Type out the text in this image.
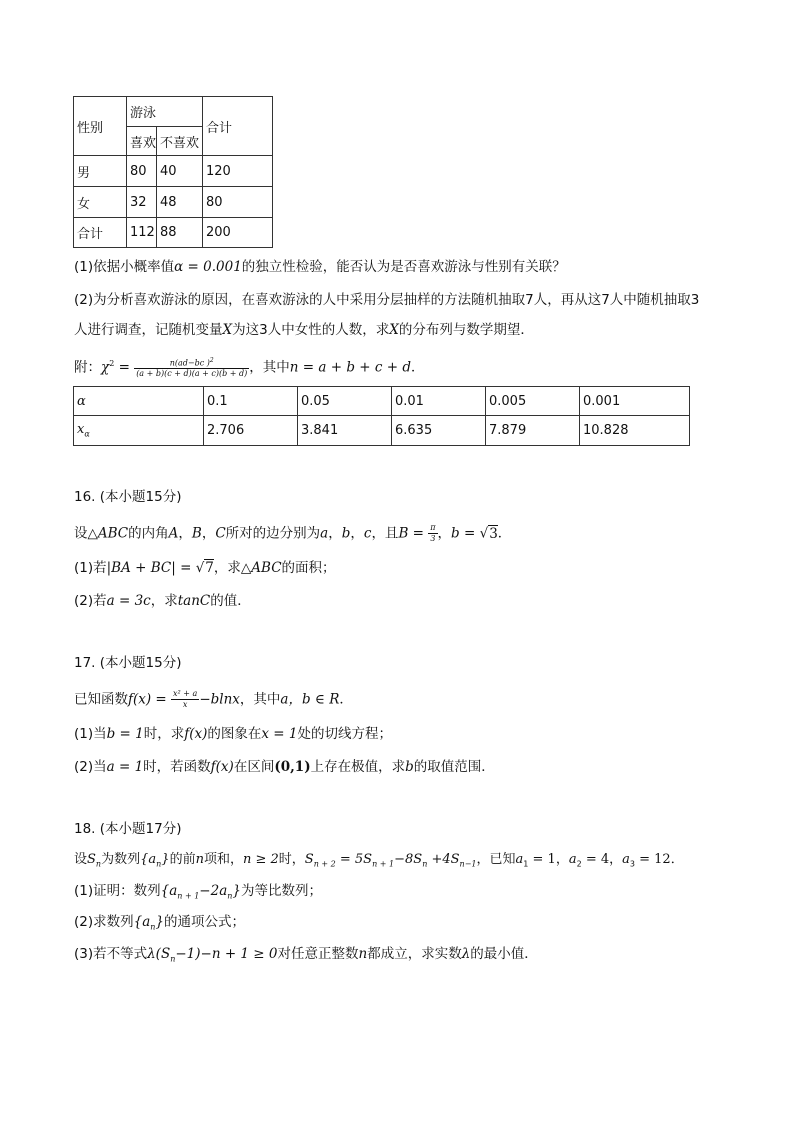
性别	游泳		合计
	喜欢	不喜欢	
男	80	40	120
女	32	48	80
合计	112	88	200
(1)依据小概率值α = 0.001的独立性检验，能否认为是否喜欢游泳与性别有关联？
(2)为分析喜欢游泳的原因，在喜欢游泳的人中采用分层抽样的方法随机抽取7人，再从这7人中随机抽取3
人进行调查，记随机变量X为这3人中女性的人数，求X的分布列与数学期望．
附：$\chi^2 = \frac{n(ad-bc )^2}{(a + b)(c + d)(a + c)(b + d)}$ ，其中n = a + b + c + d．
α	0.1	0.05	0.01	0.005	0.001
$x_\alpha$	2.706	3.841	6.635	7.879	10.828
16. (本小题15分)
设△ABC的内角A，B，C所对的边分别为a，b，c，且$B = \frac{\pi}{3}$ ，b = √3．
(1)若|BA + BC| = √7，求△ABC的面积；
(2)若a = 3c，求tanC的值．
17. (本小题15分)
已知函数$f(x) = \frac{\text{x² + a}}{x} -blnx$，其中a，b ∈ R．
(1)当b = 1时，求f(x)的图象在x = 1处的切线方程；
(2)当a = 1时，若函数f(x)在区间(0,1)上存在极值，求b的取值范围．
18. (本小题17分)
设$S_n$为数列$\{a_n\}$的前n项和，n ≥ 2时，$S_{n + 2} = 5S_{n + 1}-8S_n +4S_{n-1}$，已知$a_1 = 1$，$a_2 = 4$，$a_3 = 12$．
(1)证明：数列$\{a_{n + 1}-2a_n\}$为等比数列；
(2)求数列$\{a_n\}$的通项公式；
(3)若不等式$\lambda(S_n-1)-n + 1 \ge 0$对任意正整数n都成立，求实数λ的最小值．
